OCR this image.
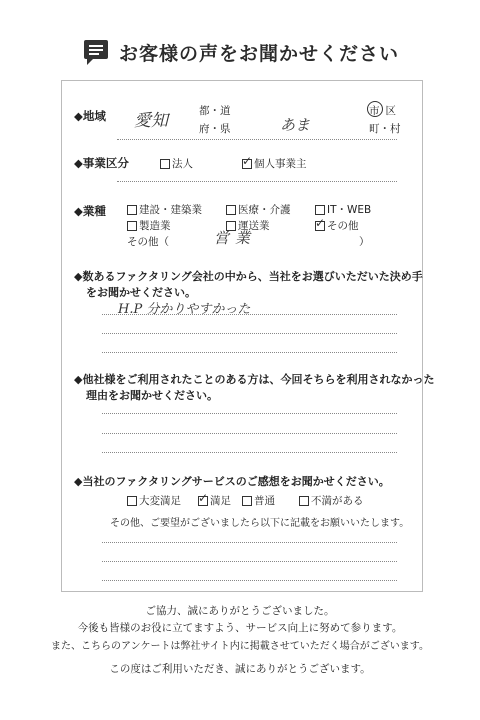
お客様の声をお聞かせください
◆地域 愛知	都・道
府・県	あま
市 区
町・村
◆事業区分	法人	✓ 個人事業主
◆業種	建設・建築業	医療・介護	IT・WEB
製造業	運送業	✓ その他
その他（	営業	）
◆数あるファクタリング会社の中から、当社をお選びいただいた決め手
をお聞かせください。
H.P 分かりやすかった
◆他社様をご利用されたことのある方は、今回そちらを利用されなかった
理由をお聞かせください。
◆当社のファクタリングサービスのご感想をお聞かせください。
大変満足 ✓ 満足 普通	不満がある
その他、ご要望がございましたら以下に記載をお願いいたします。
ご協力、誠にありがとうございました。
今後も皆様のお役に立てますよう、サービス向上に努めて参ります。
また、こちらのアンケートは弊社サイト内に掲載させていただく場合がございます。
この度はご利用いただき、誠にありがとうございます。
